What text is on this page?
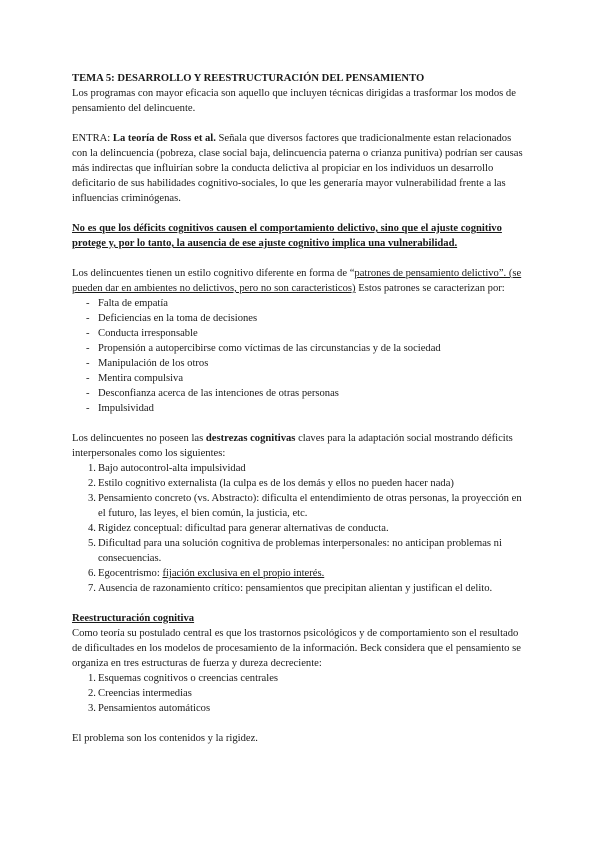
TEMA 5: DESARROLLO Y REESTRUCTURACIÓN DEL PENSAMIENTO

Los programas con mayor eficacia son aquello que incluyen técnicas dirigidas a trasformar los modos de pensamiento del delincuente.

ENTRA: La teoría de Ross et al. Señala que diversos factores que tradicionalmente estan relacionados con la delincuencia (pobreza, clase social baja, delincuencia paterna o crianza punitiva) podrían ser causas más indirectas que influirían sobre la conducta delictiva al propiciar en los individuos un desarrollo deficitario de sus habilidades cognitivo-sociales, lo que les generaría mayor vulnerabilidad frente a las influencias criminógenas.

No es que los déficits cognitivos causen el comportamiento delictivo, sino que el ajuste cognitivo protege y, por lo tanto, la ausencia de ese ajuste cognitivo implica una vulnerabilidad.

Los delincuentes tienen un estilo cognitivo diferente en forma de “patrones de pensamiento delictivo”. (se pueden dar en ambientes no delictivos, pero no son caracteristicos) Estos patrones se caracterizan por:

- Falta de empatía
- Deficiencias en la toma de decisiones
- Conducta irresponsable
- Propensión a autopercibirse como víctimas de las circunstancias y de la sociedad
- Manipulación de los otros
- Mentira compulsiva
- Desconfianza acerca de las intenciones de otras personas
- Impulsividad

Los delincuentes no poseen las destrezas cognitivas claves para la adaptación social mostrando déficits interpersonales como los siguientes:

1. Bajo autocontrol-alta impulsividad
2. Estilo cognitivo externalista (la culpa es de los demás y ellos no pueden hacer nada)
3. Pensamiento concreto (vs. Abstracto): dificulta el entendimiento de otras personas, la proyección en el futuro, las leyes, el bien común, la justicia, etc.
4. Rigidez conceptual: dificultad para generar alternativas de conducta.
5. Dificultad para una solución cognitiva de problemas interpersonales: no anticipan problemas ni consecuencias.
6. Egocentrismo: fijación exclusiva en el propio interés.
7. Ausencia de razonamiento crítico: pensamientos que precipitan alientan y justifican el delito.

Reestructuración cognitiva

Como teoría su postulado central es que los trastornos psicológicos y de comportamiento son el resultado de dificultades en los modelos de procesamiento de la información. Beck considera que el pensamiento se organiza en tres estructuras de fuerza y dureza decreciente:

1. Esquemas cognitivos o creencias centrales
2. Creencias intermedias
3. Pensamientos automáticos

El problema son los contenidos y la rigidez.
